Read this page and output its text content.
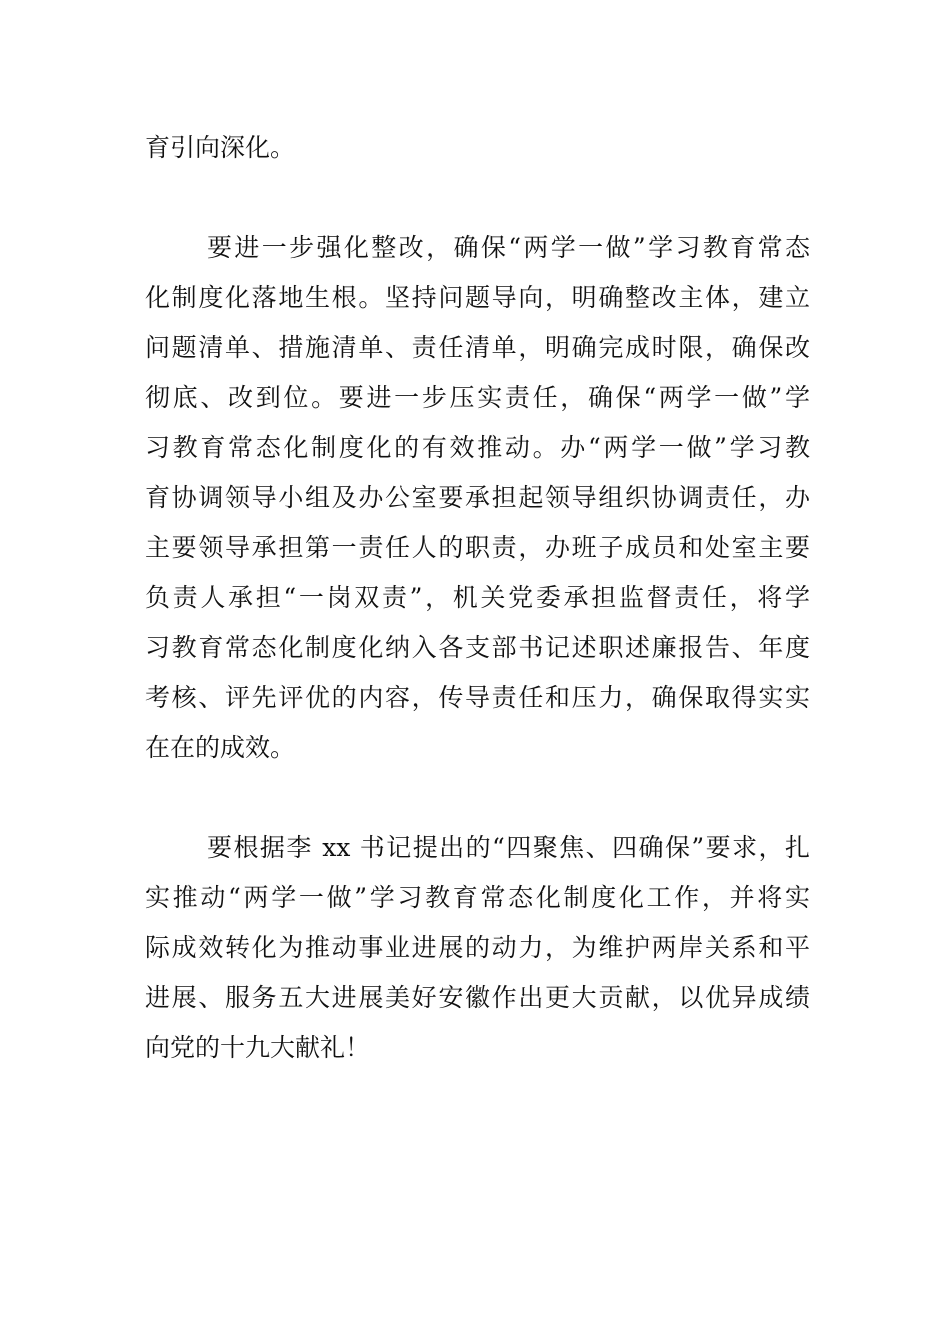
育引向深化。
要进一步强化整改，确保“两学一做”学习教育常态
化制度化落地生根。坚持问题导向，明确整改主体，建立
问题清单、措施清单、责任清单，明确完成时限，确保改
彻底、改到位。要进一步压实责任，确保“两学一做”学
习教育常态化制度化的有效推动。办“两学一做”学习教
育协调领导小组及办公室要承担起领导组织协调责任，办
主要领导承担第一责任人的职责，办班子成员和处室主要
负责人承担“一岗双责”，机关党委承担监督责任，将学
习教育常态化制度化纳入各支部书记述职述廉报告、年度
考核、评先评优的内容，传导责任和压力，确保取得实实
在在的成效。
要根据李 xx 书记提出的“四聚焦、四确保”要求，扎
实推动“两学一做”学习教育常态化制度化工作，并将实
际成效转化为推动事业进展的动力，为维护两岸关系和平
进展、服务五大进展美好安徽作出更大贡献，以优异成绩
向党的十九大献礼！
